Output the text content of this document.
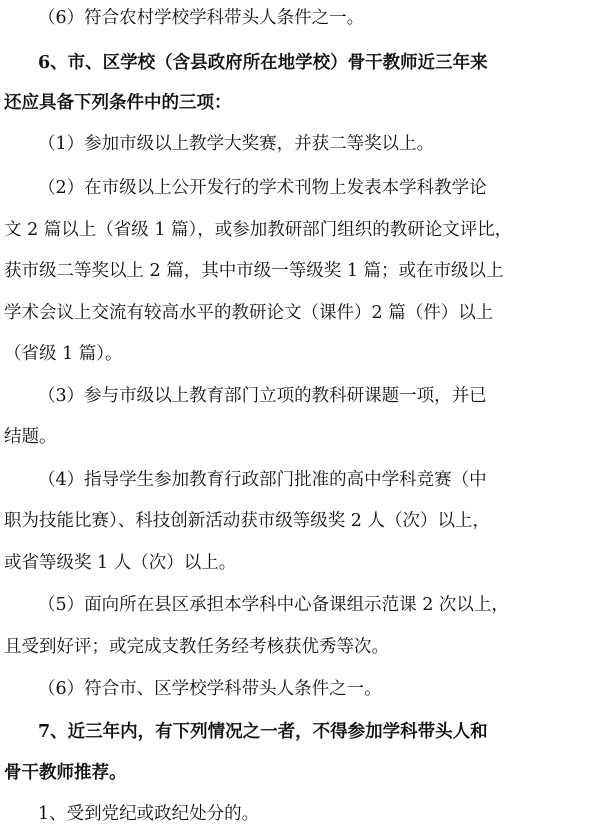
（6）符合农村学校学科带头人条件之一。
6、市、区学校（含县政府所在地学校）骨干教师近三年来
还应具备下列条件中的三项：
（1）参加市级以上教学大奖赛，并获二等奖以上。
（2）在市级以上公开发行的学术刊物上发表本学科教学论
文 2 篇以上（省级 1 篇），或参加教研部门组织的教研论文评比，
获市级二等奖以上 2 篇，其中市级一等级奖 1 篇；或在市级以上
学术会议上交流有较高水平的教研论文（课件）2 篇（件）以上
（省级 1 篇）。
（3）参与市级以上教育部门立项的教科研课题一项，并已
结题。
（4）指导学生参加教育行政部门批准的高中学科竞赛（中
职为技能比赛）、科技创新活动获市级等级奖 2 人（次）以上，
或省等级奖 1 人（次）以上。
（5）面向所在县区承担本学科中心备课组示范课 2 次以上，
且受到好评；或完成支教任务经考核获优秀等次。
（6）符合市、区学校学科带头人条件之一。
7、近三年内，有下列情况之一者，不得参加学科带头人和
骨干教师推荐。
1、受到党纪或政纪处分的。
